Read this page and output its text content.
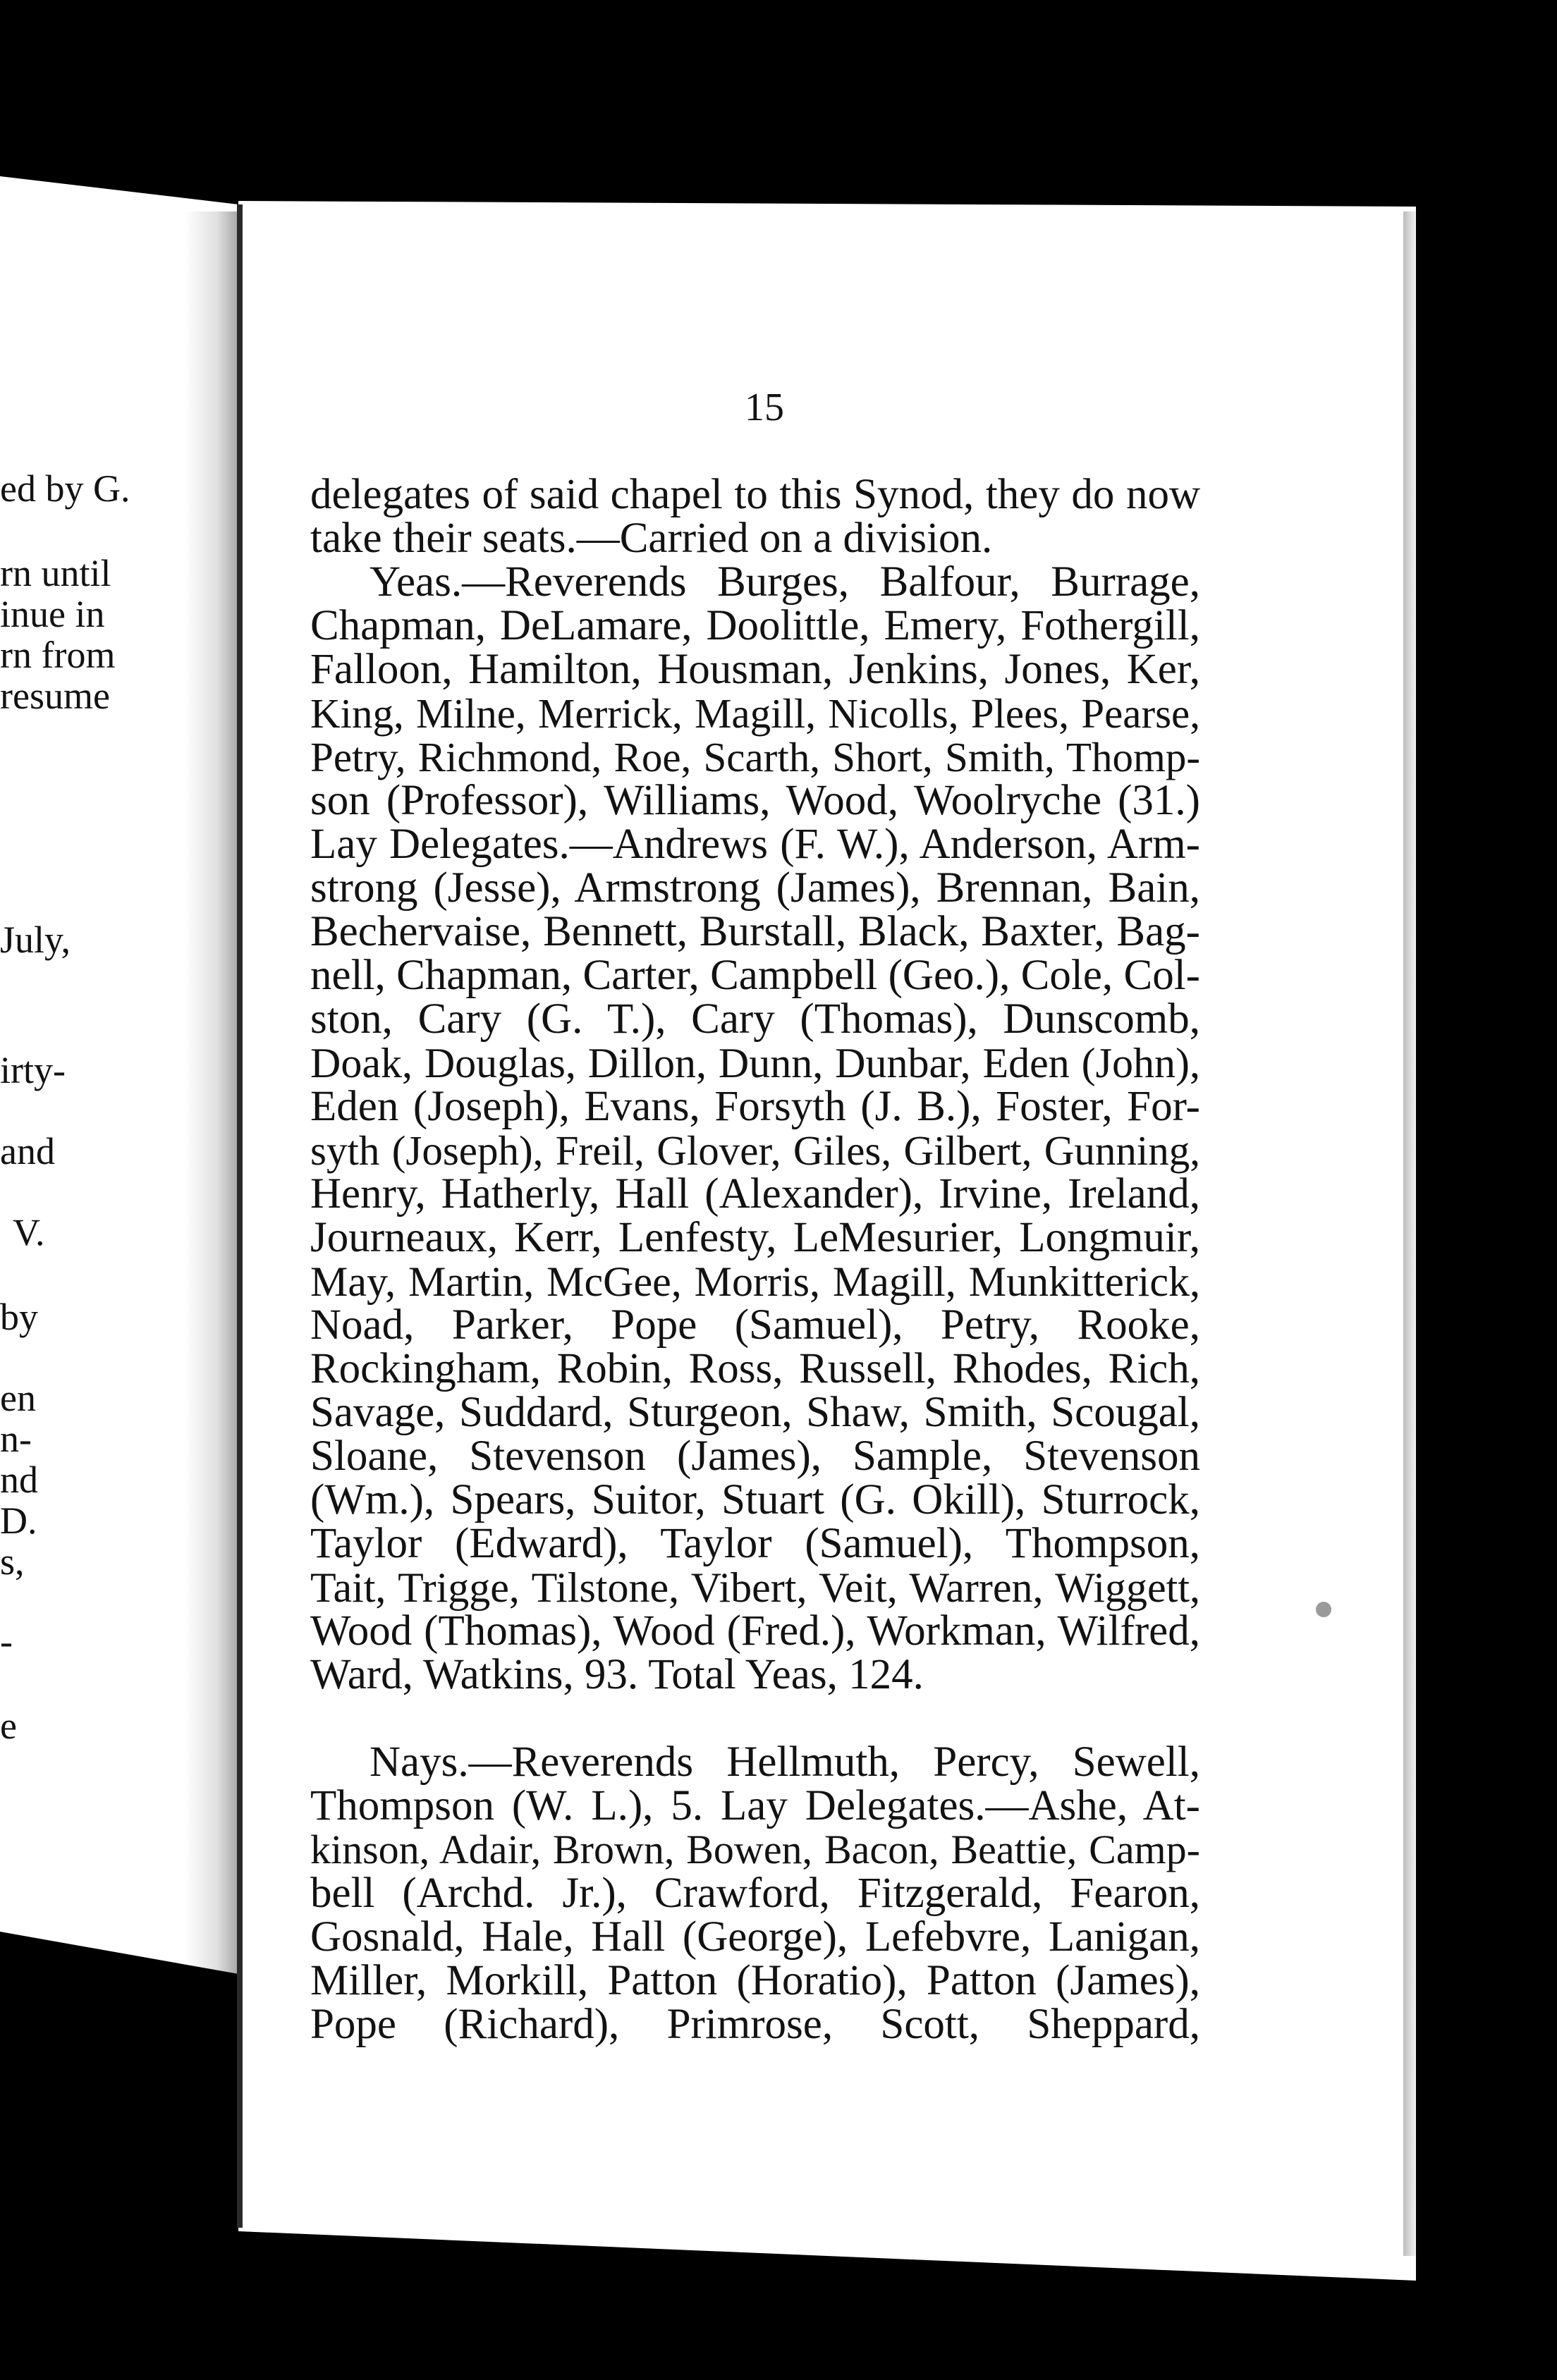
ed by G.
rn until
inue in
rn from
resume
July,
irty-
and
V.
by
en
n-
nd
D.
s,
-
e
15
delegates of said chapel to this Synod, they do now
take their seats.—Carried on a division.
Yeas.—Reverends Burges, Balfour, Burrage,
Chapman, DeLamare, Doolittle, Emery, Fothergill,
Falloon, Hamilton, Housman, Jenkins, Jones, Ker,
King, Milne, Merrick, Magill, Nicolls, Plees, Pearse,
Petry, Richmond, Roe, Scarth, Short, Smith, Thomp-
son (Professor), Williams, Wood, Woolryche (31.)
Lay Delegates.—Andrews (F. W.), Anderson, Arm-
strong (Jesse), Armstrong (James), Brennan, Bain,
Bechervaise, Bennett, Burstall, Black, Baxter, Bag-
nell, Chapman, Carter, Campbell (Geo.), Cole, Col-
ston, Cary (G. T.), Cary (Thomas), Dunscomb,
Doak, Douglas, Dillon, Dunn, Dunbar, Eden (John),
Eden (Joseph), Evans, Forsyth (J. B.), Foster, For-
syth (Joseph), Freil, Glover, Giles, Gilbert, Gunning,
Henry, Hatherly, Hall (Alexander), Irvine, Ireland,
Journeaux, Kerr, Lenfesty, LeMesurier, Longmuir,
May, Martin, McGee, Morris, Magill, Munkitterick,
Noad, Parker, Pope (Samuel), Petry, Rooke,
Rockingham, Robin, Ross, Russell, Rhodes, Rich,
Savage, Suddard, Sturgeon, Shaw, Smith, Scougal,
Sloane, Stevenson (James), Sample, Stevenson
(Wm.), Spears, Suitor, Stuart (G. Okill), Sturrock,
Taylor (Edward), Taylor (Samuel), Thompson,
Tait, Trigge, Tilstone, Vibert, Veit, Warren, Wiggett,
Wood (Thomas), Wood (Fred.), Workman, Wilfred,
Ward, Watkins, 93. Total Yeas, 124.
Nays.—Reverends Hellmuth, Percy, Sewell,
Thompson (W. L.), 5. Lay Delegates.—Ashe, At-
kinson, Adair, Brown, Bowen, Bacon, Beattie, Camp-
bell (Archd. Jr.), Crawford, Fitzgerald, Fearon,
Gosnald, Hale, Hall (George), Lefebvre, Lanigan,
Miller, Morkill, Patton (Horatio), Patton (James),
Pope (Richard), Primrose, Scott, Sheppard,
